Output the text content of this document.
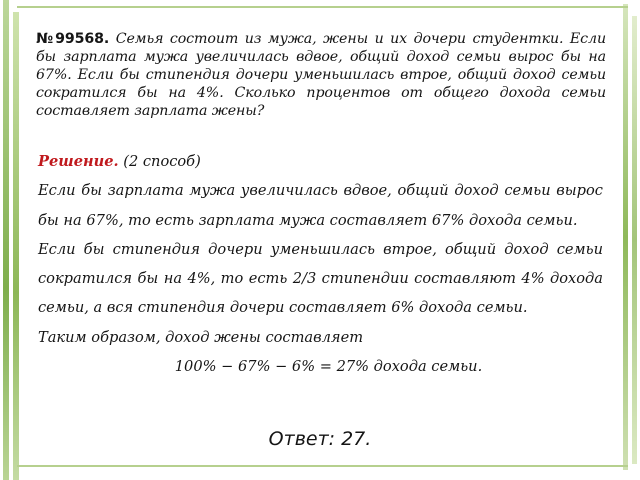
№99568. Семья состоит из мужа, жены и их дочери студентки. Если бы зарплата мужа увеличилась вдвое, общий доход семьи вырос бы на 67%. Если бы стипендия дочери уменьшилась втрое, общий доход семьи сократился бы на 4%. Сколько процентов от общего дохода семьи составляет зарплата жены?

Решение. (2 способ)

Если бы зарплата мужа увеличилась вдвое, общий доход семьи вырос бы на 67%, то есть зарплата мужа составляет 67% дохода семьи.

Если бы стипендия дочери уменьшилась втрое, общий доход семьи сократился бы на 4%, то есть 2/3 стипендии составляют 4% дохода семьи, а вся стипендия дочери составляет 6% дохода семьи.

Таким образом, доход жены составляет

100% − 67% − 6% = 27% дохода семьи.

Ответ: 27.
